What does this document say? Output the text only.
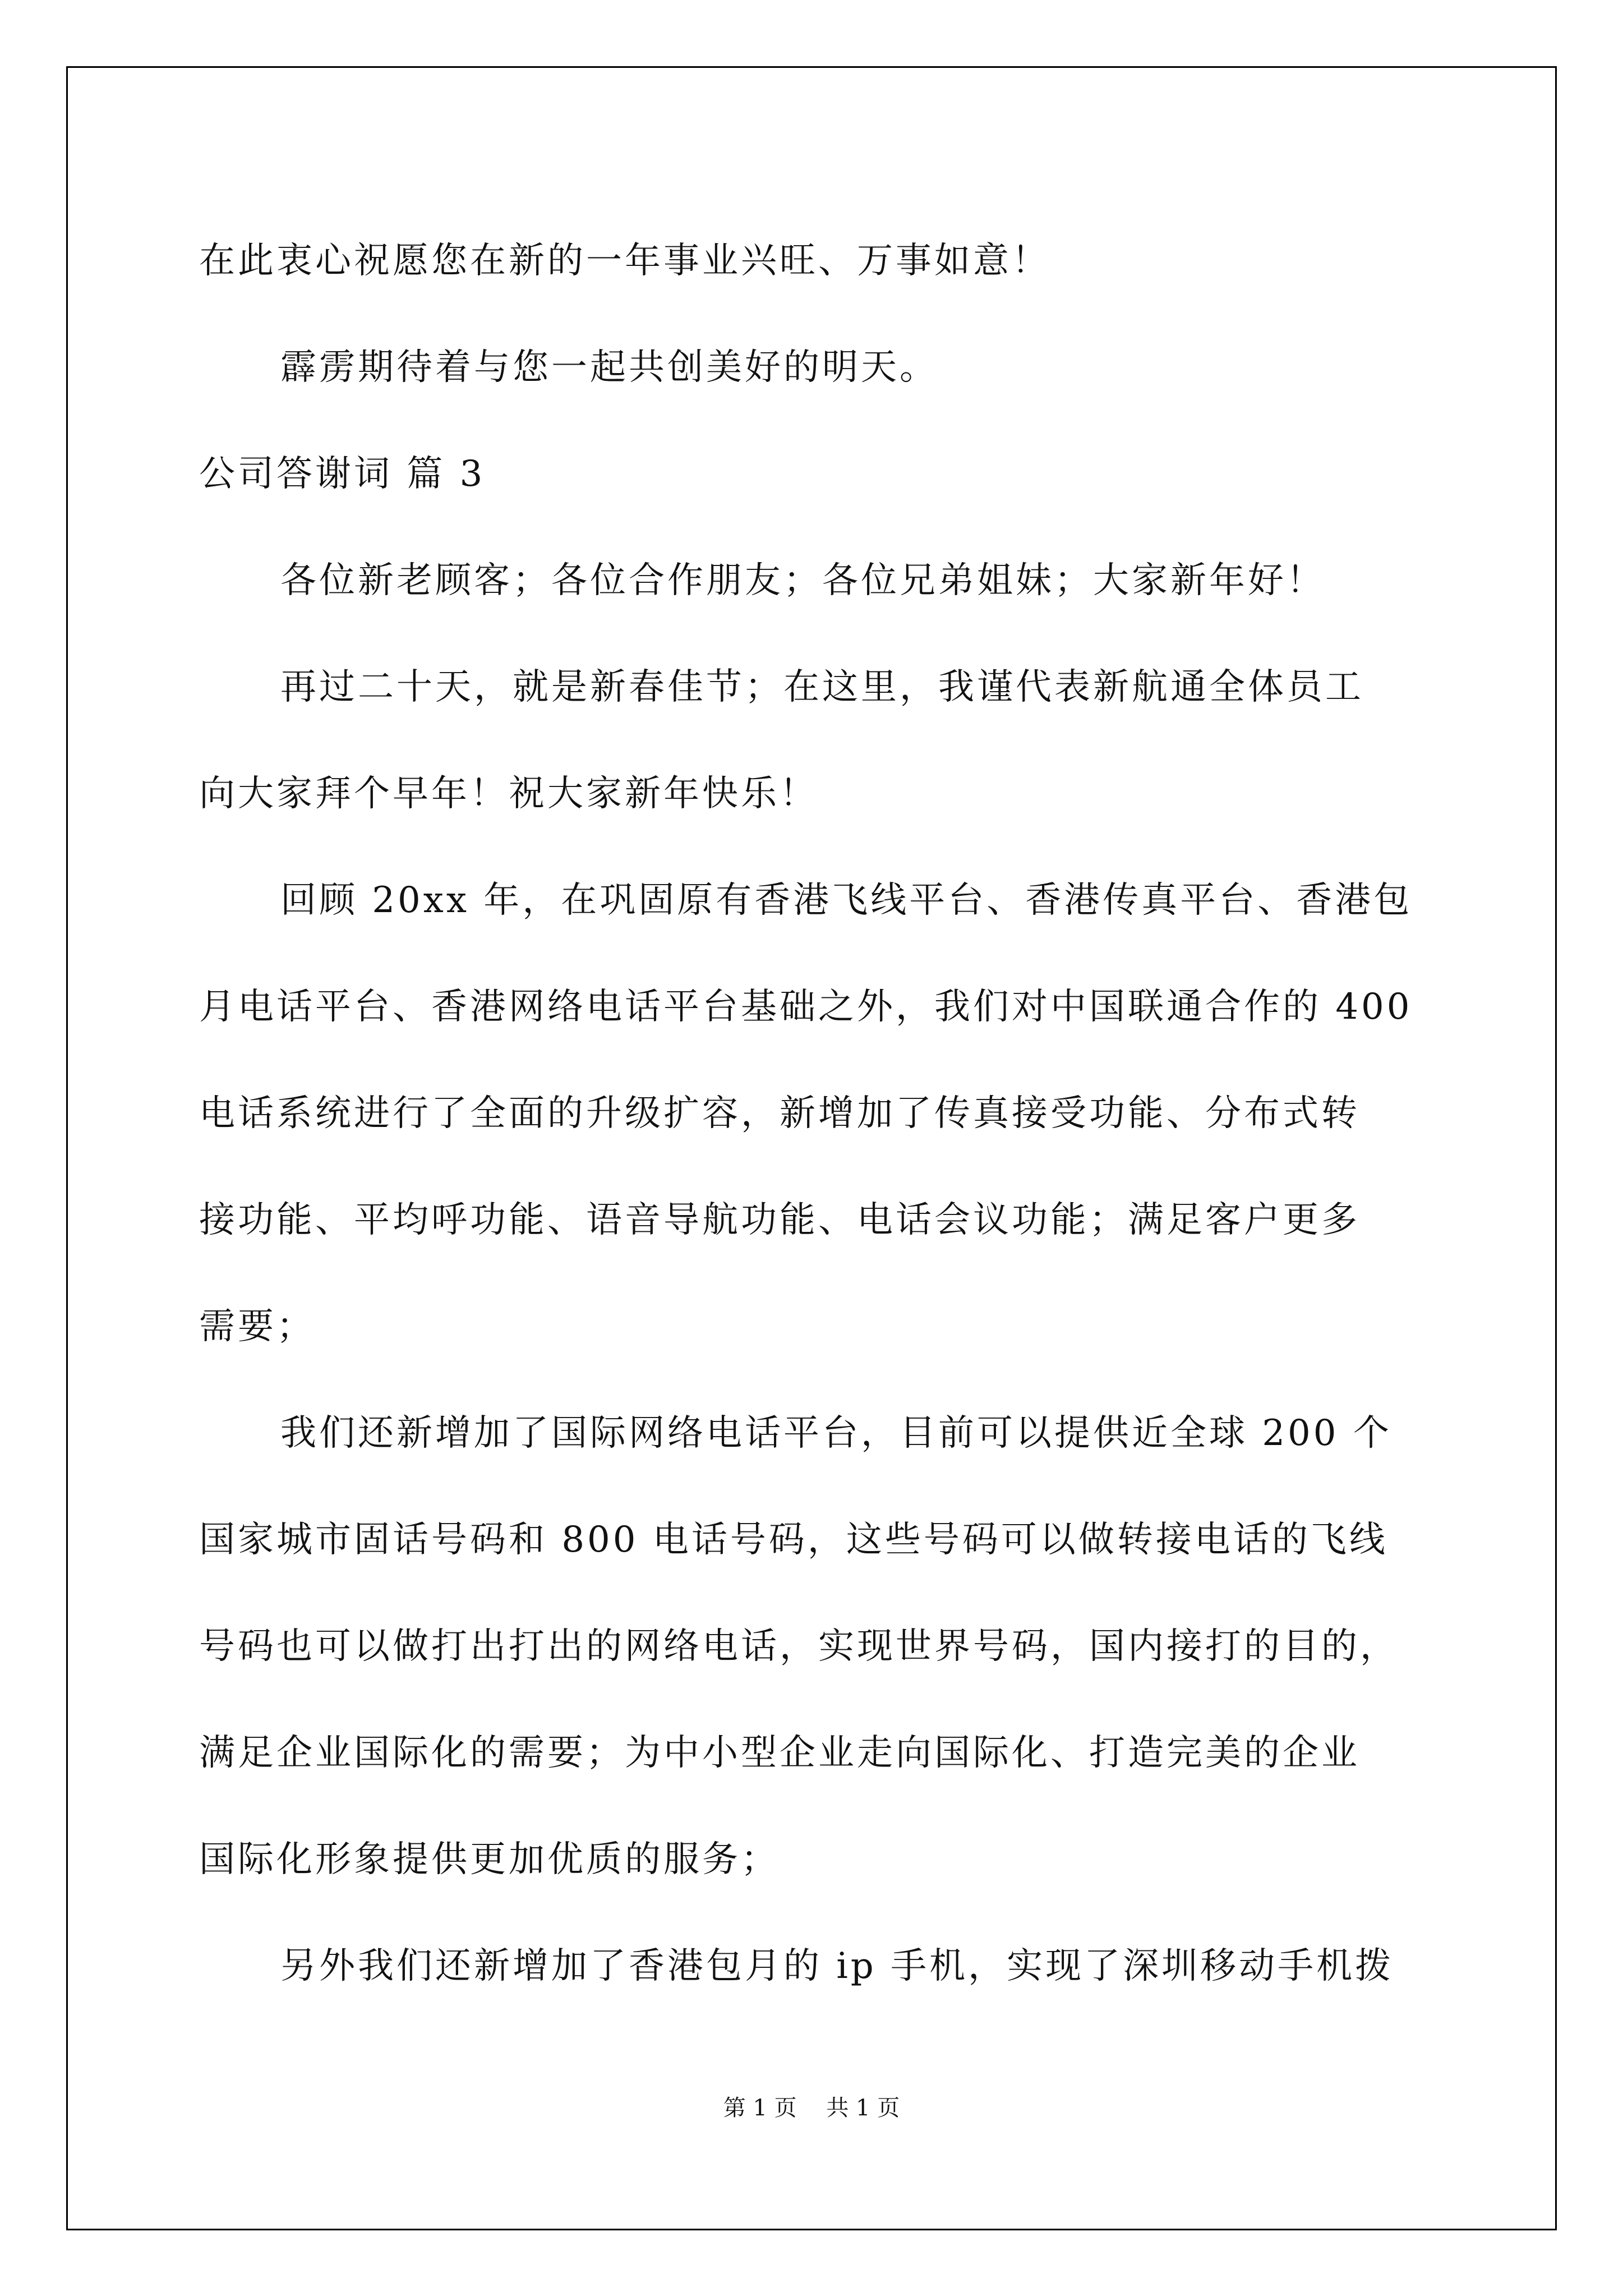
在此衷心祝愿您在新的一年事业兴旺、万事如意！
霹雳期待着与您一起共创美好的明天。
公司答谢词 篇 3
各位新老顾客；各位合作朋友；各位兄弟姐妹；大家新年好！
再过二十天，就是新春佳节；在这里，我谨代表新航通全体员工
向大家拜个早年！祝大家新年快乐！
回顾 20xx 年，在巩固原有香港飞线平台、香港传真平台、香港包
月电话平台、香港网络电话平台基础之外，我们对中国联通合作的 400
电话系统进行了全面的升级扩容，新增加了传真接受功能、分布式转
接功能、平均呼功能、语音导航功能、电话会议功能；满足客户更多
需要；
我们还新增加了国际网络电话平台，目前可以提供近全球 200 个
国家城市固话号码和 800 电话号码，这些号码可以做转接电话的飞线
号码也可以做打出打出的网络电话，实现世界号码，国内接打的目的，
满足企业国际化的需要；为中小型企业走向国际化、打造完美的企业
国际化形象提供更加优质的服务；
另外我们还新增加了香港包月的 ip 手机，实现了深圳移动手机拨
第 1 页　 共 1 页
